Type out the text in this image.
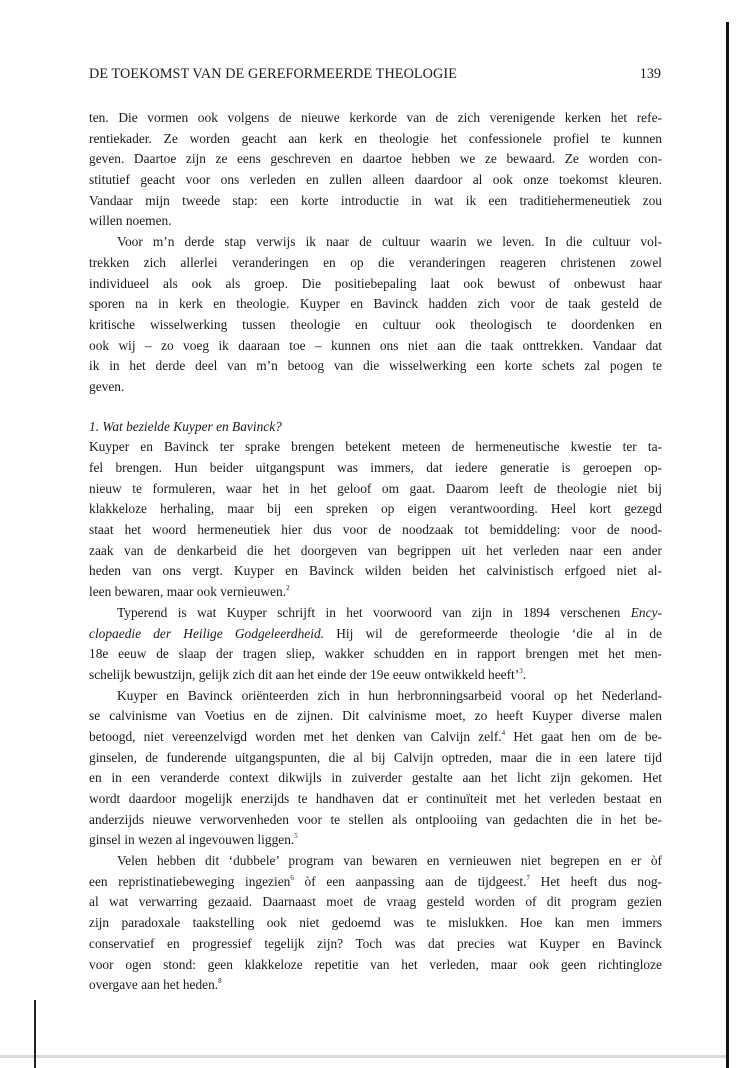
DE TOEKOMST VAN DE GEREFORMEERDE THEOLOGIE	139
ten. Die vormen ook volgens de nieuwe kerkorde van de zich verenigende kerken het refe-
rentiekader. Ze worden geacht aan kerk en theologie het confessionele profiel te kunnen
geven. Daartoe zijn ze eens geschreven en daartoe hebben we ze bewaard. Ze worden con-
stitutief geacht voor ons verleden en zullen alleen daardoor al ook onze toekomst kleuren.
Vandaar mijn tweede stap: een korte introductie in wat ik een traditiehermeneutiek zou
willen noemen.
Voor m’n derde stap verwijs ik naar de cultuur waarin we leven. In die cultuur vol-
trekken zich allerlei veranderingen en op die veranderingen reageren christenen zowel
individueel als ook als groep. Die positiebepaling laat ook bewust of onbewust haar
sporen na in kerk en theologie. Kuyper en Bavinck hadden zich voor de taak gesteld de
kritische wisselwerking tussen theologie en cultuur ook theologisch te doordenken en
ook wij – zo voeg ik daaraan toe – kunnen ons niet aan die taak onttrekken. Vandaar dat
ik in het derde deel van m’n betoog van die wisselwerking een korte schets zal pogen te
geven.
1. Wat bezielde Kuyper en Bavinck?
Kuyper en Bavinck ter sprake brengen betekent meteen de hermeneutische kwestie ter ta-
fel brengen. Hun beider uitgangspunt was immers, dat iedere generatie is geroepen op-
nieuw te formuleren, waar het in het geloof om gaat. Daarom leeft de theologie niet bij
klakkeloze herhaling, maar bij een spreken op eigen verantwoording. Heel kort gezegd
staat het woord hermeneutiek hier dus voor de noodzaak tot bemiddeling: voor de nood-
zaak van de denkarbeid die het doorgeven van begrippen uit het verleden naar een ander
heden van ons vergt. Kuyper en Bavinck wilden beiden het calvinistisch erfgoed niet al-
leen bewaren, maar ook vernieuwen.$^2$
Typerend is wat Kuyper schrijft in het voorwoord van zijn in 1894 verschenen Ency-
clopaedie der Heilige Godgeleerdheid. Hij wil de gereformeerde theologie ‘die al in de
18e eeuw de slaap der tragen sliep, wakker schudden en in rapport brengen met het men-
schelijk bewustzijn, gelijk zich dit aan het einde der 19e eeuw ontwikkeld heeft’$^3$.
Kuyper en Bavinck oriënteerden zich in hun herbronningsarbeid vooral op het Nederland-
se calvinisme van Voetius en de zijnen. Dit calvinisme moet, zo heeft Kuyper diverse malen
betoogd, niet vereenzelvigd worden met het denken van Calvijn zelf.$^4$ Het gaat hen om de be-
ginselen, de funderende uitgangspunten, die al bij Calvijn optreden, maar die in een latere tijd
en in een veranderde context dikwijls in zuiverder gestalte aan het licht zijn gekomen. Het
wordt daardoor mogelijk enerzijds te handhaven dat er continuïteit met het verleden bestaat en
anderzijds nieuwe verworvenheden voor te stellen als ontplooiing van gedachten die in het be-
ginsel in wezen al ingevouwen liggen.$^5$
Velen hebben dit ‘dubbele’ program van bewaren en vernieuwen niet begrepen en er òf
een repristinatiebeweging ingezien$^6$ òf een aanpassing aan de tijdgeest.$^7$ Het heeft dus nog-
al wat verwarring gezaaid. Daarnaast moet de vraag gesteld worden of dit program gezien
zijn paradoxale taakstelling ook niet gedoemd was te mislukken. Hoe kan men immers
conservatief en progressief tegelijk zijn? Toch was dat precies wat Kuyper en Bavinck
voor ogen stond: geen klakkeloze repetitie van het verleden, maar ook geen richtingloze
overgave aan het heden.$^8$
